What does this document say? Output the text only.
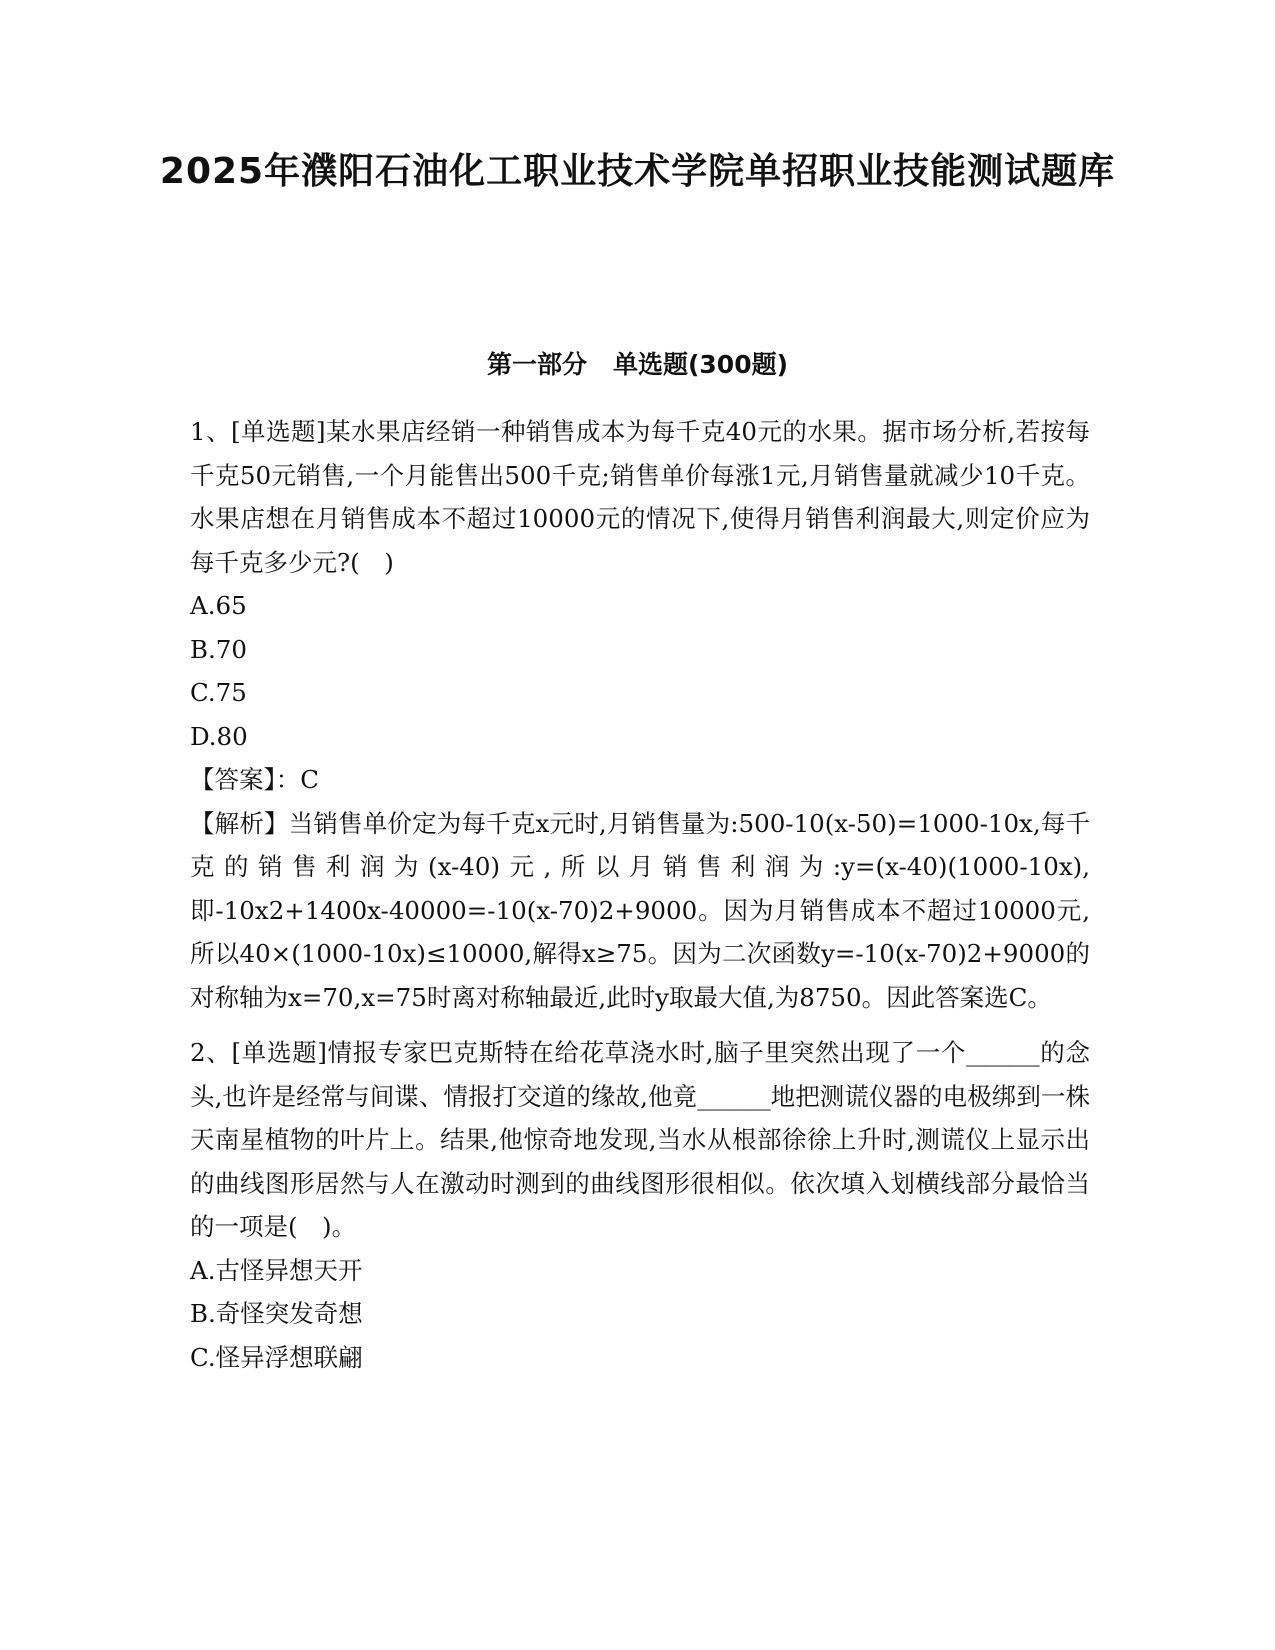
2025年濮阳石油化工职业技术学院单招职业技能测试题库
第一部分 单选题(300题)

1、[单选题]某水果店经销一种销售成本为每千克40元的水果。据市场分析,若按每千克50元销售,一个月能售出500千克;销售单价每涨1元,月销售量就减少10千克。水果店想在月销售成本不超过10000元的情况下,使得月销售利润最大,则定价应为每千克多少元?(　)

A.65

B.70

C.75

D.80

【答案】：C

【解析】当销售单价定为每千克x元时,月销售量为:500-10(x-50)=1000-10x,每千克的销售利润为(x-40)元,所以月销售利润为:y=(x-40)(1000-10x),即-10x2+1400x-40000=-10(x-70)2+9000。因为月销售成本不超过10000元,所以40×(1000-10x)≤10000,解得x≥75。因为二次函数y=-10(x-70)2+9000的对称轴为x=70,x=75时离对称轴最近,此时y取最大值,为8750。因此答案选C。

2、[单选题]情报专家巴克斯特在给花草浇水时,脑子里突然出现了一个______的念头,也许是经常与间谍、情报打交道的缘故,他竟______地把测谎仪器的电极绑到一株天南星植物的叶片上。结果,他惊奇地发现,当水从根部徐徐上升时,测谎仪上显示出的曲线图形居然与人在激动时测到的曲线图形很相似。依次填入划横线部分最恰当的一项是(　)。

A.古怪异想天开

B.奇怪突发奇想

C.怪异浮想联翩
